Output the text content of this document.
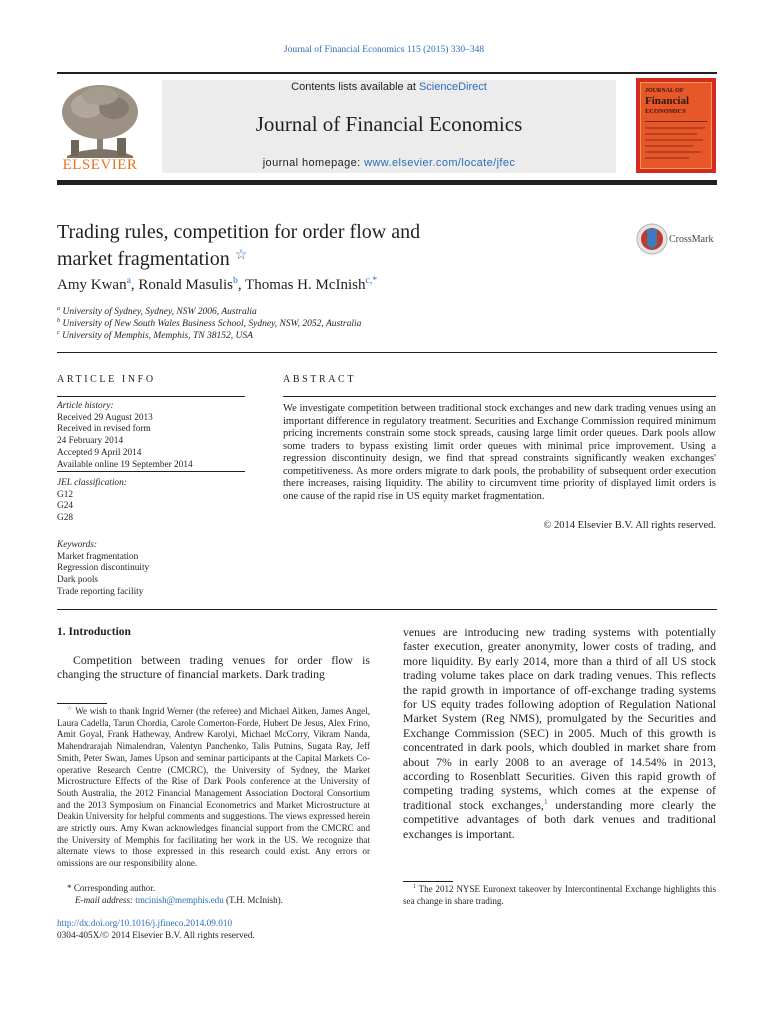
Journal of Financial Economics 115 (2015) 330–348
ELSEVIER
Contents lists available at ScienceDirect
Journal of Financial Economics
journal homepage: www.elsevier.com/locate/jfec
JOURNAL OF
Financial
ECONOMICS
Trading rules, competition for order flow and
market fragmentation ☆
CrossMark
Amy Kwan$^a$, Ronald Masulis$^b$, Thomas H. McInish$^{c,*}$
$^a$ University of Sydney, Sydney, NSW 2006, Australia
$^b$ University of New South Wales Business School, Sydney, NSW, 2052, Australia
$^c$ University of Memphis, Memphis, TN 38152, USA
ARTICLE INFO
Article history:
Received 29 August 2013
Received in revised form
24 February 2014
Accepted 9 April 2014
Available online 19 September 2014
JEL classification:
G12
G24
G28
Keywords:
Market fragmentation
Regression discontinuity
Dark pools
Trade reporting facility
ABSTRACT
We investigate competition between traditional stock exchanges and new dark trading venues using an important difference in regulatory treatment. Securities and Exchange Commission required minimum pricing increments constrain some stock spreads, causing large limit order queues. Dark pools allow some traders to bypass existing limit order queues with minimal price improvement. Using a regression discontinuity design, we find that spread constraints significantly weaken exchanges' competitiveness. As more orders migrate to dark pools, the probability of subsequent order execution there increases, raising liquidity. The ability to circumvent time priority of displayed limit orders is one cause of the rapid rise in US equity market fragmentation.
© 2014 Elsevier B.V. All rights reserved.
1. Introduction
Competition between trading venues for order flow is changing the structure of financial markets. Dark trading
☆ We wish to thank Ingrid Werner (the referee) and Michael Aitken, James Angel, Laura Cadella, Tarun Chordia, Carole Comerton-Forde, Hubert De Jesus, Alex Frino, Amit Goyal, Frank Hatheway, Andrew Karolyi, Michael McCorry, Vikram Nanda, Mahendrarajah Nimalendran, Valentyn Panchenko, Talis Putnins, Sugata Ray, Jeff Smith, Peter Swan, James Upson and seminar participants at the Capital Markets Co-operative Research Centre (CMCRC), the University of Sydney, the Market Microstructure Effects of the Rise of Dark Pools conference at the University of South Australia, the 2012 Financial Management Association Doctoral Consortium and the 2013 Symposium on Financial Econometrics and Market Microstructure at Deakin University for helpful comments and suggestions. The views expressed herein are strictly ours. Amy Kwan acknowledges financial support from the CMCRC and the University of Memphis for facilitating her work in the US. We recognize that alternate views to those expressed in this research could exist. Any errors or omissions are our responsibility alone.
* Corresponding author.
E-mail address: tmcinish@memphis.edu (T.H. McInish).
http://dx.doi.org/10.1016/j.jfineco.2014.09.010
0304-405X/© 2014 Elsevier B.V. All rights reserved.
venues are introducing new trading systems with potentially faster execution, greater anonymity, lower costs of trading, and more liquidity. By early 2014, more than a third of all US stock trading volume takes place on dark trading venues. This reflects the rapid growth in importance of off-exchange trading systems for US equity trades following adoption of Regulation National Market System (Reg NMS), promulgated by the Securities and Exchange Commission (SEC) in 2005. Much of this growth is concentrated in dark pools, which doubled in market share from about 7% in early 2008 to an average of 14.54% in 2013, according to Rosenblatt Securities. Given this rapid growth of competing trading systems, which comes at the expense of traditional stock exchanges,$^1$ understanding more clearly the competitive advantages of both dark venues and traditional exchanges is important.
$^1$ The 2012 NYSE Euronext takeover by Intercontinental Exchange highlights this sea change in share trading.
